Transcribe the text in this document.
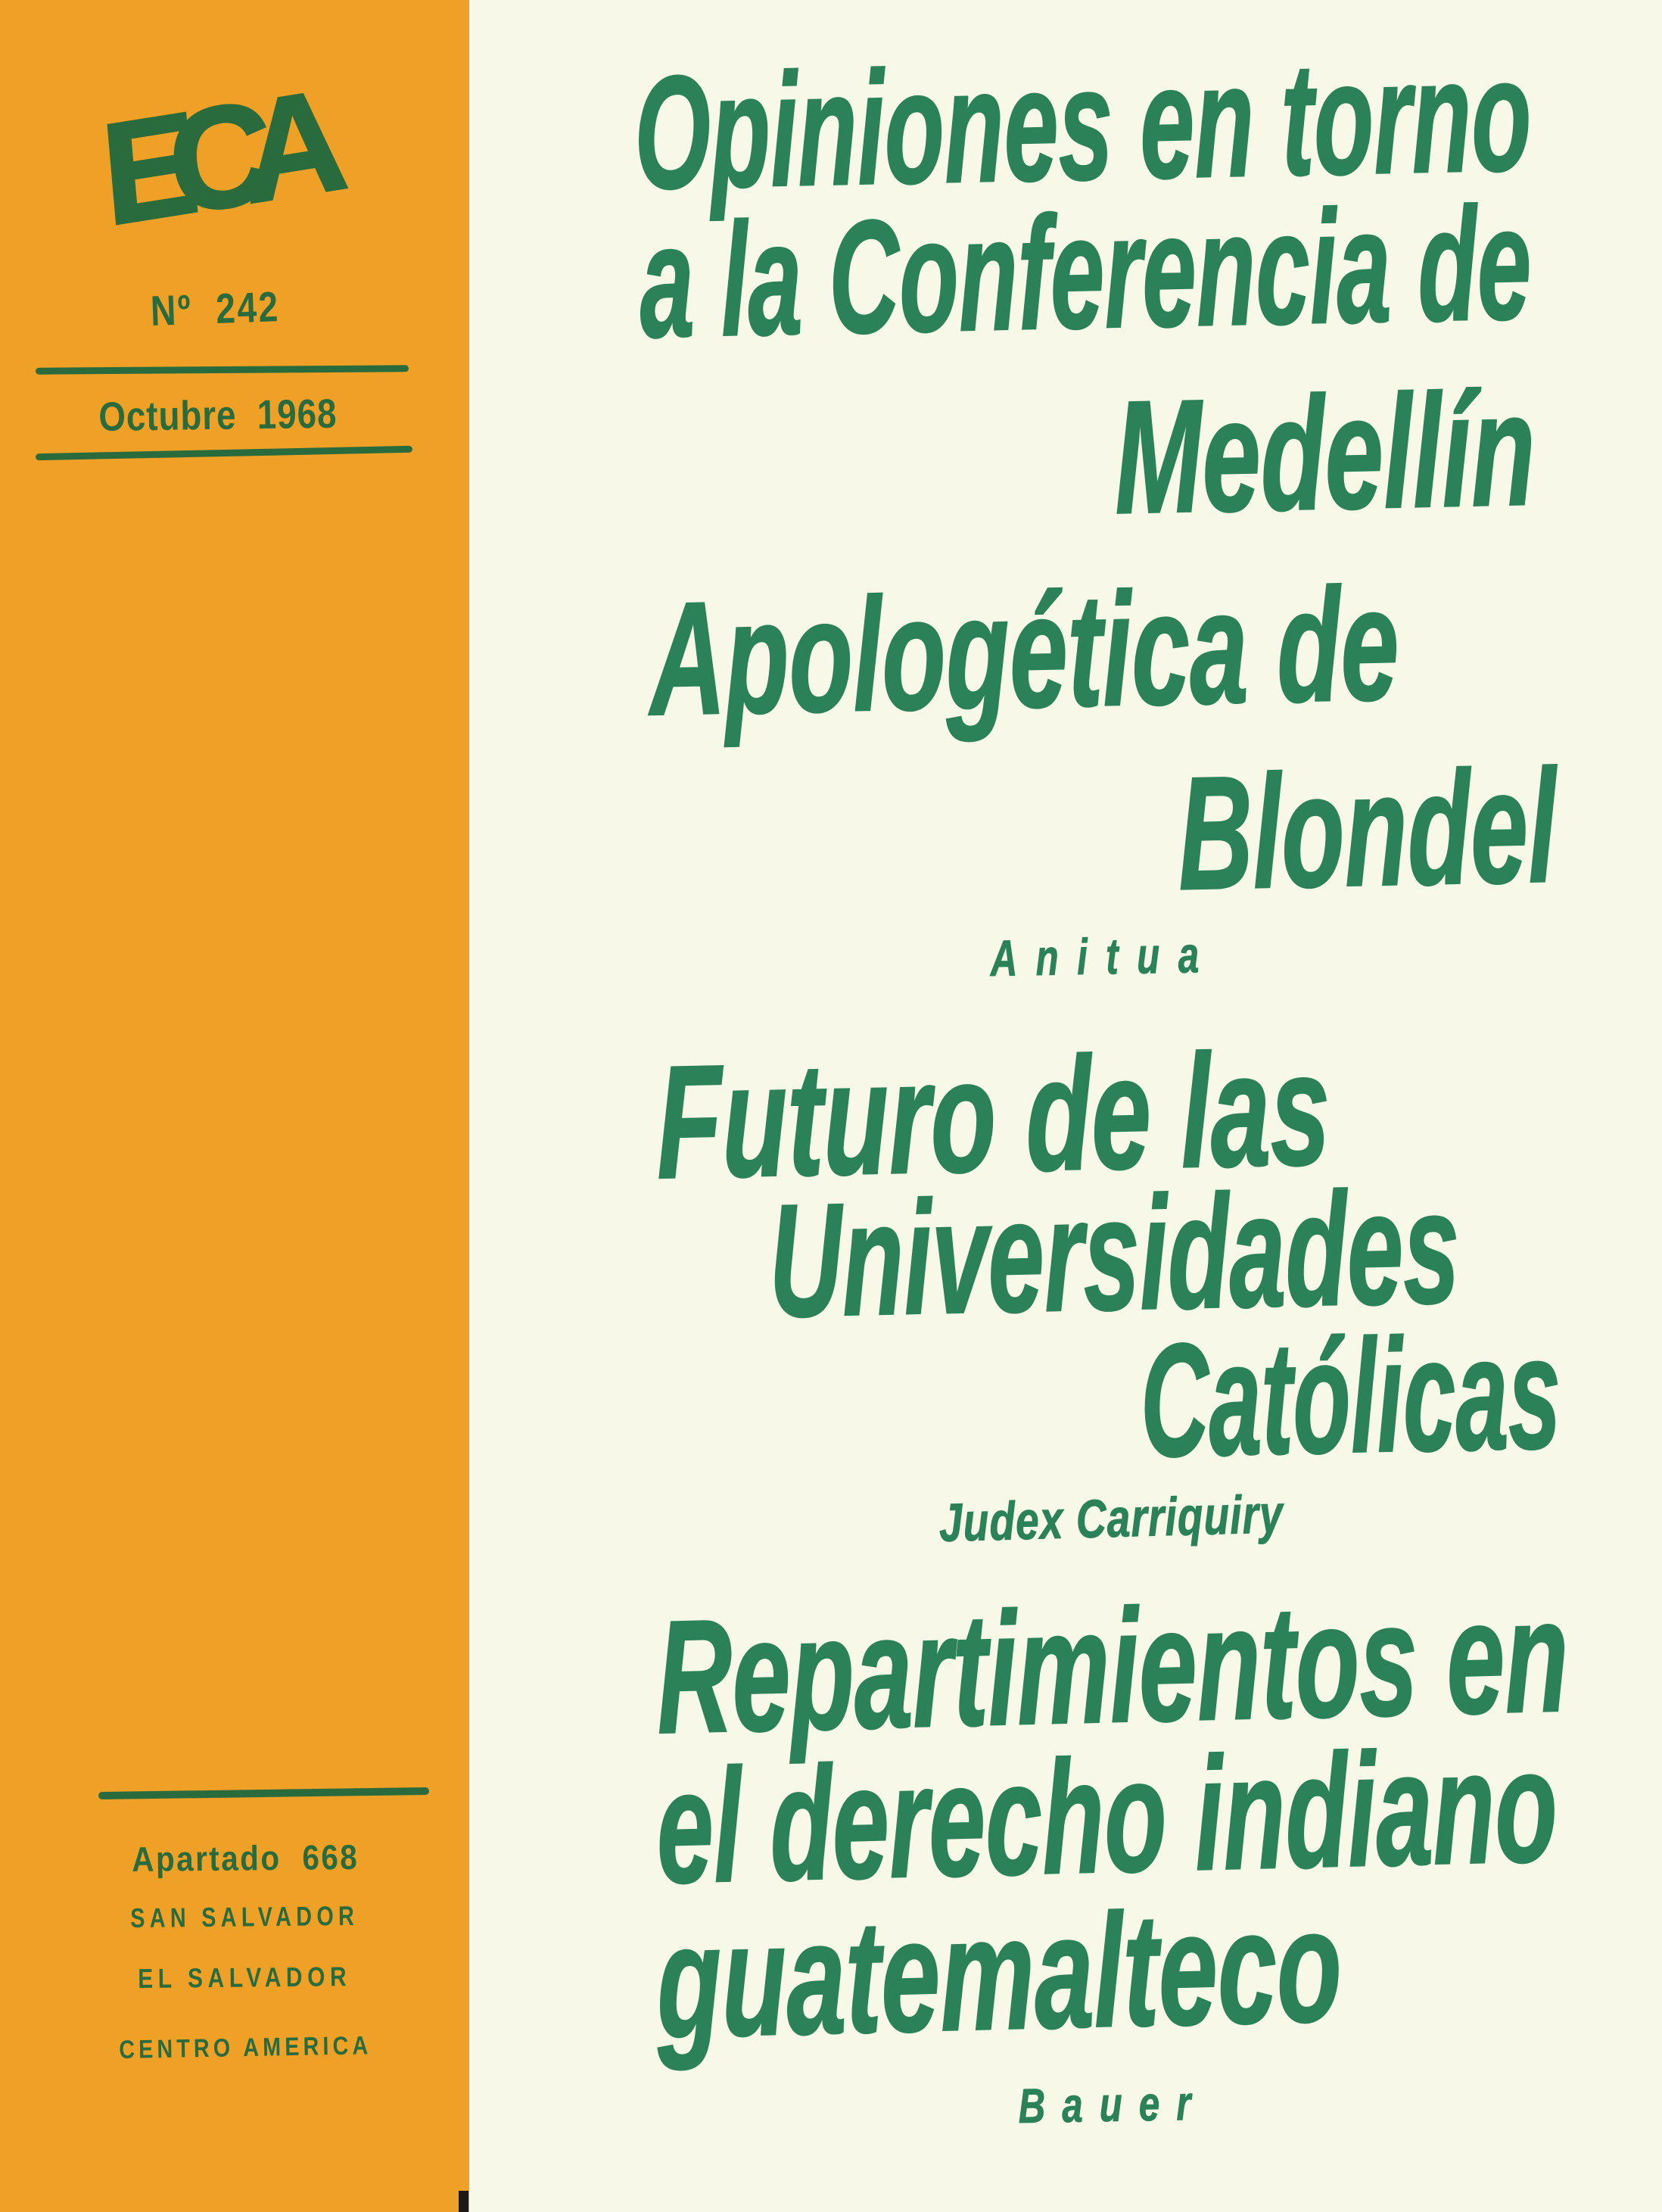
ECA
Nº 242
Octubre 1968
Apartado 668
SAN SALVADOR
EL SALVADOR
CENTRO AMERICA
Opiniones en torno
a la Conferencia de
Medellín
Apologética de
Blondel
Anitua
Futuro de las
Universidades
Católicas
Judex Carriquiry
Repartimientos en
el derecho indiano
guatemalteco
Bauer
